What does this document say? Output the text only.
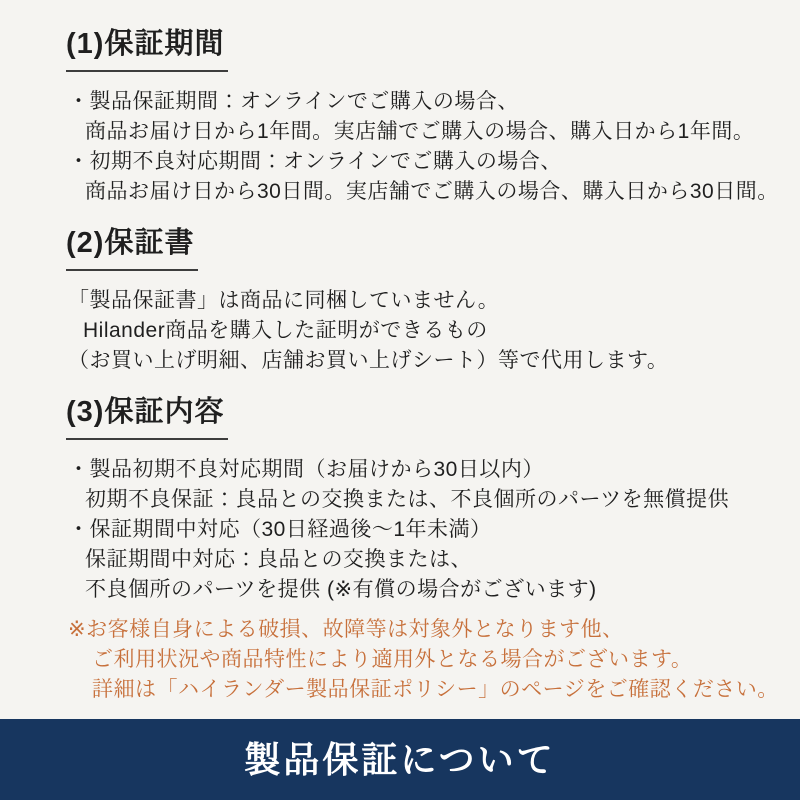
(1)保証期間

・製品保証期間：オンラインでご購入の場合、

商品お届け日から1年間。実店舗でご購入の場合、購入日から1年間。

・初期不良対応期間：オンラインでご購入の場合、

商品お届け日から30日間。実店舗でご購入の場合、購入日から30日間。

(2)保証書

「製品保証書」は商品に同梱していません。

Hilander商品を購入した証明ができるもの

（お買い上げ明細、店舗お買い上げシート）等で代用します。

(3)保証内容

・製品初期不良対応期間（お届けから30日以内）

初期不良保証：良品との交換または、不良個所のパーツを無償提供

・保証期間中対応（30日経過後～1年未満）

保証期間中対応：良品との交換または、

不良個所のパーツを提供 (※有償の場合がございます)

※お客様自身による破損、故障等は対象外となります他、

ご利用状況や商品特性により適用外となる場合がございます。

詳細は「ハイランダー製品保証ポリシー」のページをご確認ください。

製品保証について
